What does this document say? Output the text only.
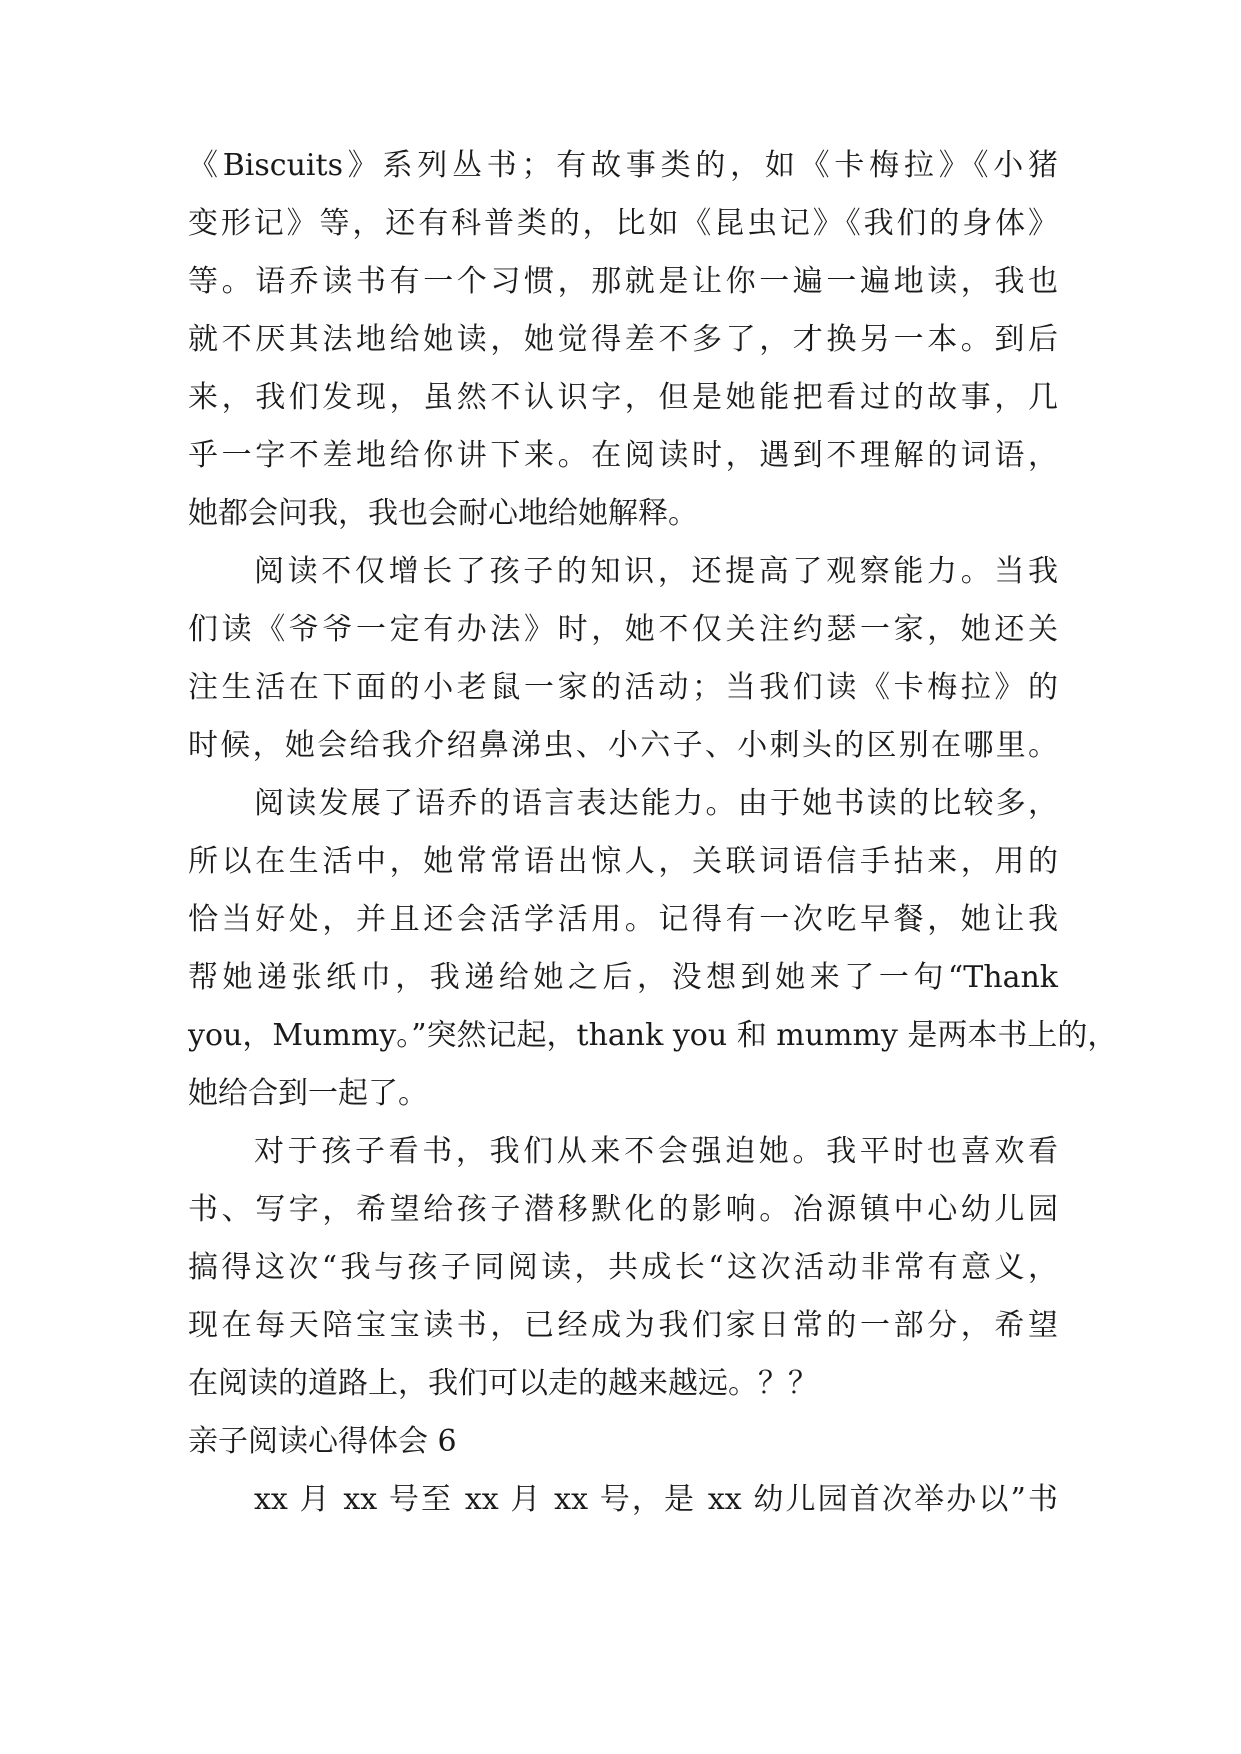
《Biscuits》系列丛书；有故事类的，如《卡梅拉》《小猪
变形记》等，还有科普类的，比如《昆虫记》《我们的身体》
等。语乔读书有一个习惯，那就是让你一遍一遍地读，我也
就不厌其法地给她读，她觉得差不多了，才换另一本。到后
来，我们发现，虽然不认识字，但是她能把看过的故事，几
乎一字不差地给你讲下来。在阅读时，遇到不理解的词语，
她都会问我，我也会耐心地给她解释。
阅读不仅增长了孩子的知识，还提高了观察能力。当我
们读《爷爷一定有办法》时，她不仅关注约瑟一家，她还关
注生活在下面的小老鼠一家的活动；当我们读《卡梅拉》的
时候，她会给我介绍鼻涕虫、小六子、小刺头的区别在哪里。
阅读发展了语乔的语言表达能力。由于她书读的比较多，
所以在生活中，她常常语出惊人，关联词语信手拈来，用的
恰当好处，并且还会活学活用。记得有一次吃早餐，她让我
帮她递张纸巾，我递给她之后，没想到她来了一句“Thank
you，Mummy。”突然记起，thank you 和 mummy 是两本书上的，
她给合到一起了。
对于孩子看书，我们从来不会强迫她。我平时也喜欢看
书、写字，希望给孩子潜移默化的影响。冶源镇中心幼儿园
搞得这次“我与孩子同阅读，共成长“这次活动非常有意义，
现在每天陪宝宝读书，已经成为我们家日常的一部分，希望
在阅读的道路上，我们可以走的越来越远。？？
亲子阅读心得体会 6
xx 月 xx 号至 xx 月 xx 号，是 xx 幼儿园首次举办以”书
